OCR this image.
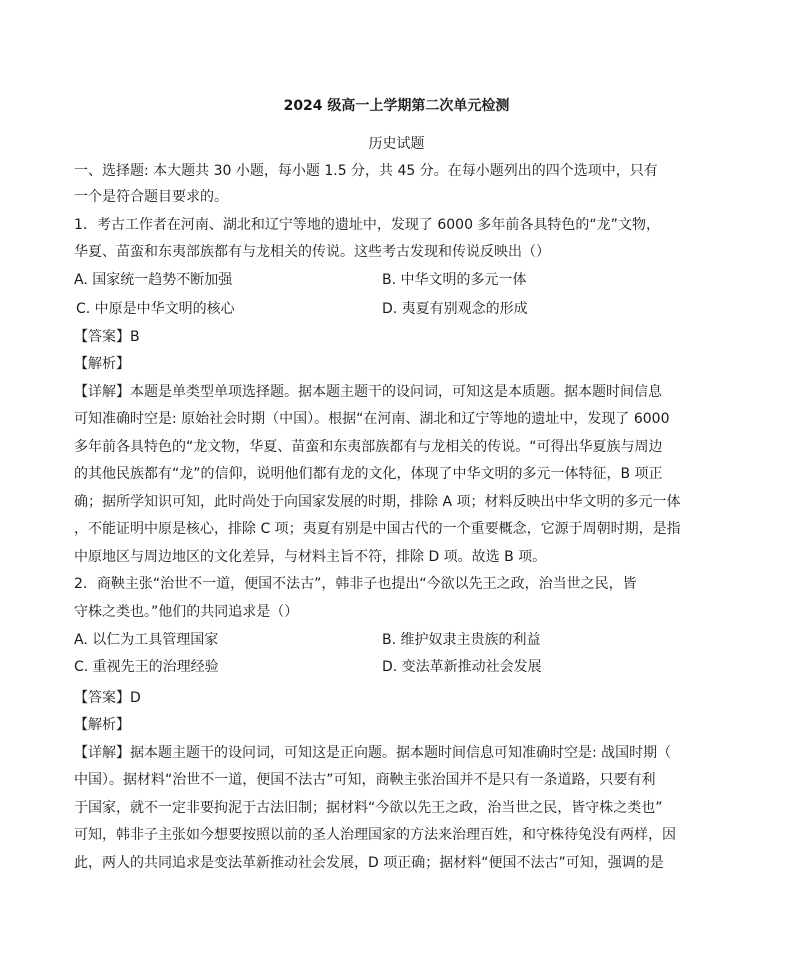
2024 级高一上学期第二次单元检测
历史试题
一、选择题: 本大题共 30 小题，每小题 1.5 分，共 45 分。在每小题列出的四个选项中，只有
一个是符合题目要求的。
1．考古工作者在河南、湖北和辽宁等地的遗址中，发现了 6000 多年前各具特色的“龙”文物，
华夏、苗蛮和东夷部族都有与龙相关的传说。这些考古发现和传说反映出（）
A. 国家统一趋势不断加强	B. 中华文明的多元一体
C. 中原是中华文明的核心	D. 夷夏有别观念的形成
【答案】B
【解析】
【详解】本题是单类型单项选择题。据本题主题干的设问词，可知这是本质题。据本题时间信息
可知准确时空是: 原始社会时期（中国）。根据“在河南、湖北和辽宁等地的遗址中，发现了 6000
多年前各具特色的“龙文物，华夏、苗蛮和东夷部族都有与龙相关的传说。“可得出华夏族与周边
的其他民族都有“龙”的信仰，说明他们都有龙的文化，体现了中华文明的多元一体特征，B 项正
确；据所学知识可知，此时尚处于向国家发展的时期，排除 A 项；材料反映出中华文明的多元一体
，不能证明中原是核心，排除 C 项；夷夏有别是中国古代的一个重要概念，它源于周朝时期，是指
中原地区与周边地区的文化差异，与材料主旨不符，排除 D 项。故选 B 项。
2．商鞅主张“治世不一道，便国不法古”，韩非子也提出“今欲以先王之政，治当世之民，皆
守株之类也。”他们的共同追求是（）
A. 以仁为工具管理国家	B. 维护奴隶主贵族的利益
C. 重视先王的治理经验	D. 变法革新推动社会发展
【答案】D
【解析】
【详解】据本题主题干的设问词，可知这是正向题。据本题时间信息可知准确时空是: 战国时期（
中国）。据材料“治世不一道，便国不法古”可知，商鞅主张治国并不是只有一条道路，只要有利
于国家，就不一定非要拘泥于古法旧制；据材料“今欲以先王之政，治当世之民，皆守株之类也”
可知，韩非子主张如今想要按照以前的圣人治理国家的方法来治理百姓，和守株待兔没有两样，因
此，两人的共同追求是变法革新推动社会发展，D 项正确；据材料“便国不法古”可知，强调的是
